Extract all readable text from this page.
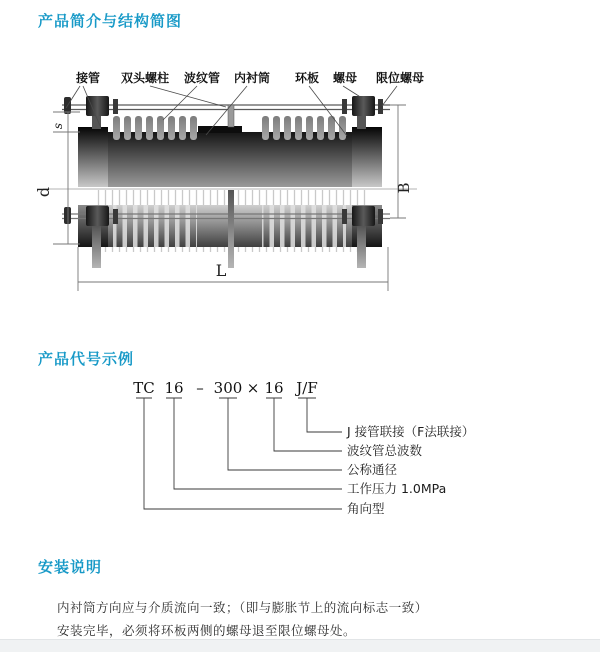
产品简介与结构简图
接管 双头螺柱 波纹管 内衬筒 环板 螺母 限位螺母
s
d	B
L
产品代号示例
TC 16 – 300 × 16 J/F
J 接管联接（F法联接）
波纹管总波数
公称通径
工作压力 1.0MPa
角向型
安装说明

内衬筒方向应与介质流向一致；（即与膨胀节上的流向标志一致）

安装完毕，必须将环板两侧的螺母退至限位螺母处。
